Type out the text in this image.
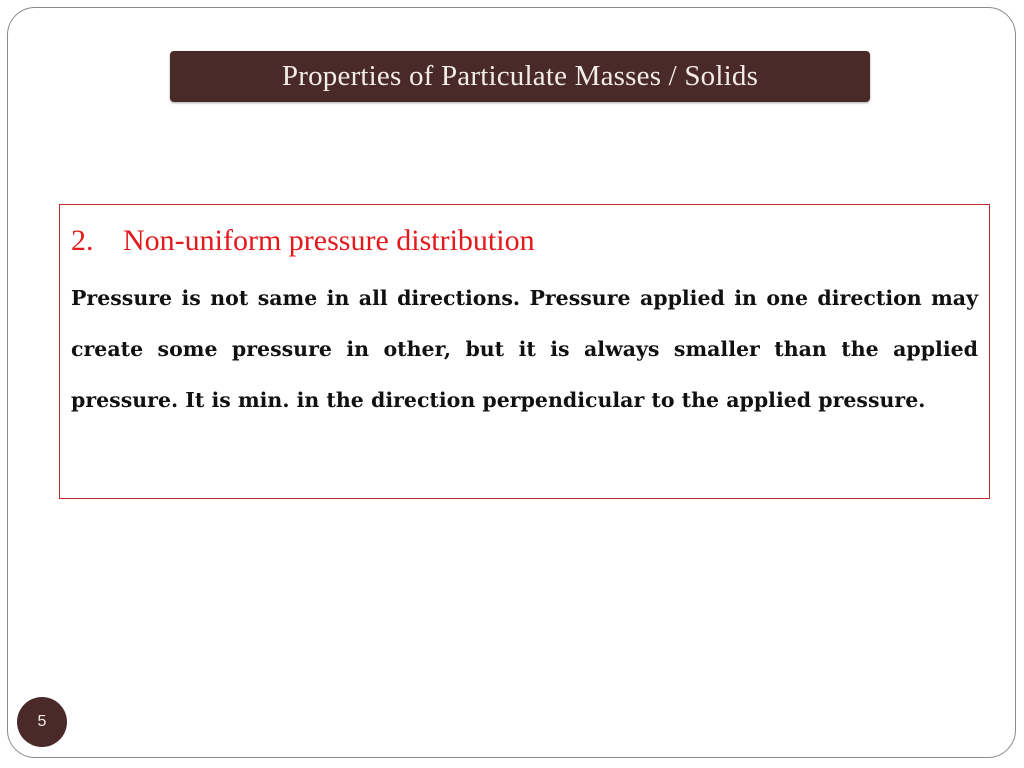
Properties of Particulate Masses / Solids
2. Non-uniform pressure distribution

Pressure is not same in all directions. Pressure applied in one direction may create some pressure in other, but it is always smaller than the applied pressure. It is min. in the direction perpendicular to the applied pressure.

5
